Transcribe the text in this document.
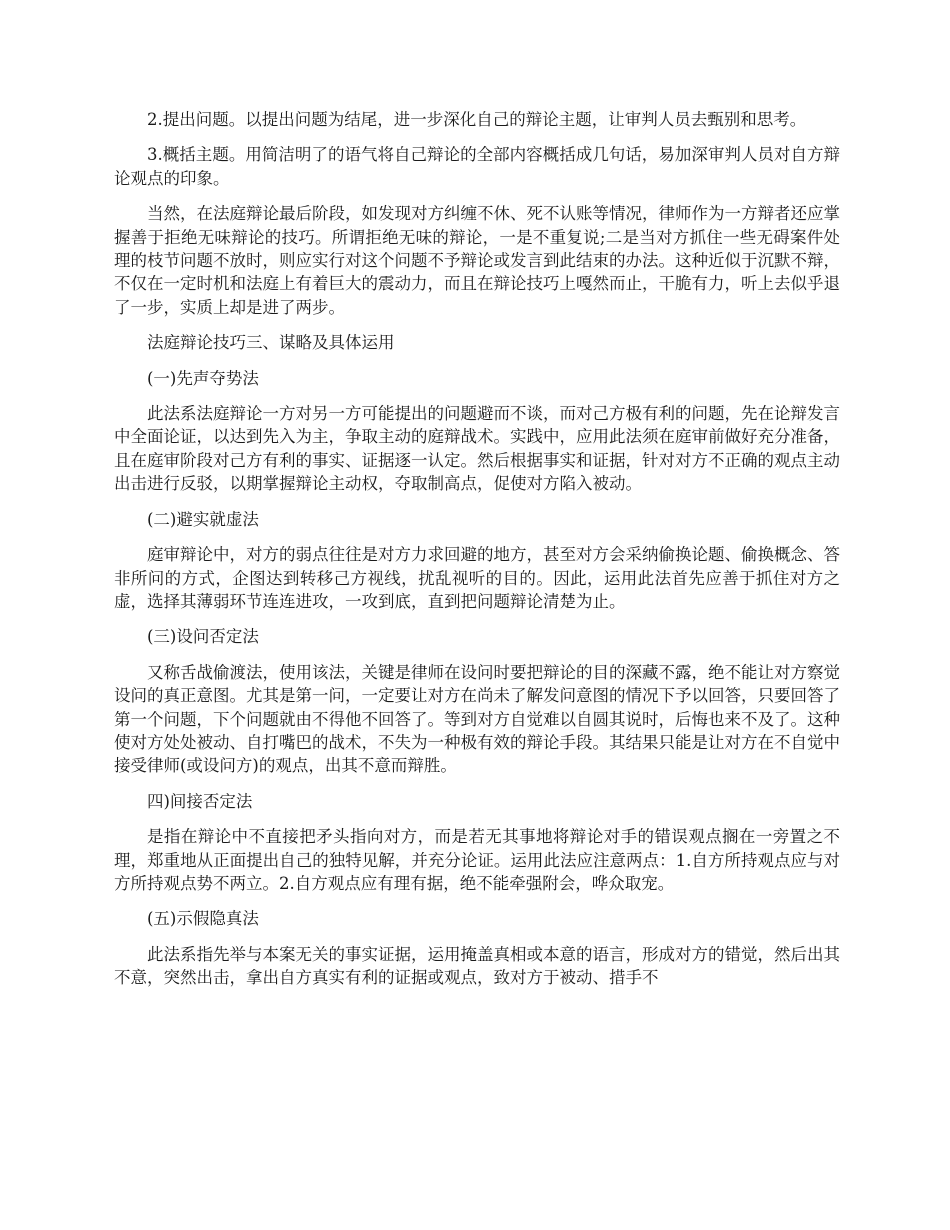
2.提出问题。以提出问题为结尾，进一步深化自己的辩论主题，让审判人员去甄别和思考。

3.概括主题。用简洁明了的语气将自己辩论的全部内容概括成几句话，易加深审判人员对自方辩论观点的印象。

当然，在法庭辩论最后阶段，如发现对方纠缠不休、死不认账等情况，律师作为一方辩者还应掌握善于拒绝无味辩论的技巧。所谓拒绝无味的辩论，一是不重复说;二是当对方抓住一些无碍案件处理的枝节问题不放时，则应实行对这个问题不予辩论或发言到此结束的办法。这种近似于沉默不辩，不仅在一定时机和法庭上有着巨大的震动力，而且在辩论技巧上嘎然而止，干脆有力，听上去似乎退了一步，实质上却是进了两步。

法庭辩论技巧三、谋略及具体运用

(一)先声夺势法

此法系法庭辩论一方对另一方可能提出的问题避而不谈，而对己方极有利的问题，先在论辩发言中全面论证，以达到先入为主，争取主动的庭辩战术。实践中，应用此法须在庭审前做好充分准备，且在庭审阶段对己方有利的事实、证据逐一认定。然后根据事实和证据，针对对方不正确的观点主动出击进行反驳，以期掌握辩论主动权，夺取制高点，促使对方陷入被动。

(二)避实就虚法

庭审辩论中，对方的弱点往往是对方力求回避的地方，甚至对方会采纳偷换论题、偷换概念、答非所问的方式，企图达到转移己方视线，扰乱视听的目的。因此，运用此法首先应善于抓住对方之虚，选择其薄弱环节连连进攻，一攻到底，直到把问题辩论清楚为止。

(三)设问否定法

又称舌战偷渡法，使用该法，关键是律师在设问时要把辩论的目的深藏不露，绝不能让对方察觉设问的真正意图。尤其是第一问，一定要让对方在尚未了解发问意图的情况下予以回答，只要回答了第一个问题，下个问题就由不得他不回答了。等到对方自觉难以自圆其说时，后悔也来不及了。这种使对方处处被动、自打嘴巴的战术，不失为一种极有效的辩论手段。其结果只能是让对方在不自觉中接受律师(或设问方)的观点，出其不意而辩胜。

四)间接否定法

是指在辩论中不直接把矛头指向对方，而是若无其事地将辩论对手的错误观点搁在一旁置之不理，郑重地从正面提出自己的独特见解，并充分论证。运用此法应注意两点：1.自方所持观点应与对方所持观点势不两立。2.自方观点应有理有据，绝不能牵强附会，哗众取宠。

(五)示假隐真法

此法系指先举与本案无关的事实证据，运用掩盖真相或本意的语言，形成对方的错觉，然后出其不意，突然出击，拿出自方真实有利的证据或观点，致对方于被动、措手不
